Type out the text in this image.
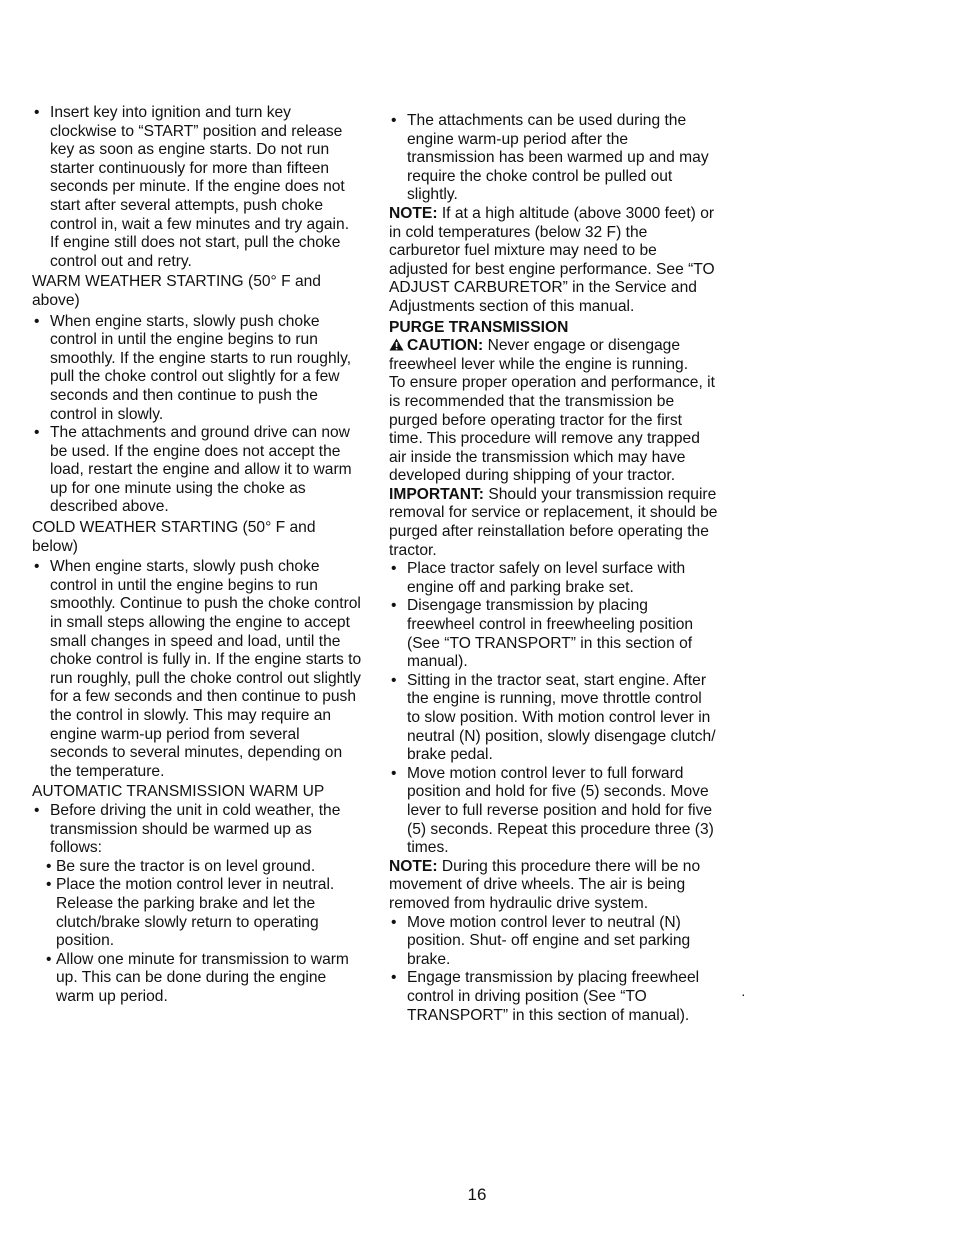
• Insert key into ignition and turn key clockwise to “START” position and release key as soon as engine starts. Do not run starter continuously for more than fifteen seconds per minute. If the engine does not start after several attempts, push choke control in, wait a few minutes and try again. If engine still does not start, pull the choke control out and retry.

WARM WEATHER STARTING (50° F and above)

• When engine starts, slowly push choke control in until the engine begins to run smoothly. If the engine starts to run roughly, pull the choke control out slightly for a few seconds and then continue to push the control in slowly.

• The attachments and ground drive can now be used. If the engine does not accept the load, restart the engine and allow it to warm up for one minute using the choke as described above.

COLD WEATHER STARTING (50° F and below)

• When engine starts, slowly push choke control in until the engine begins to run smoothly. Continue to push the choke control in small steps allowing the engine to accept small changes in speed and load, until the choke control is fully in. If the engine starts to run roughly, pull the choke control out slightly for a few seconds and then continue to push the control in slowly. This may require an engine warm-up period from several seconds to several minutes, depending on the temperature.

AUTOMATIC TRANSMISSION WARM UP

• Before driving the unit in cold weather, the transmission should be warmed up as follows:

• Be sure the tractor is on level ground.

• Place the motion control lever in neutral. Release the parking brake and let the clutch/brake slowly return to operating position.

• Allow one minute for transmission to warm up. This can be done during the engine warm up period.

• The attachments can be used during the engine warm-up period after the transmission has been warmed up and may require the choke control be pulled out slightly.

NOTE: If at a high altitude (above 3000 feet) or in cold temperatures (below 32 F) the carburetor fuel mixture may need to be adjusted for best engine performance. See “TO ADJUST CARBURETOR” in the Service and Adjustments section of this manual.

PURGE TRANSMISSION

CAUTION: Never engage or disengage freewheel lever while the engine is running.

To ensure proper operation and performance, it is recommended that the transmission be purged before operating tractor for the first time. This procedure will remove any trapped air inside the transmission which may have developed during shipping of your tractor.

IMPORTANT: Should your transmission require removal for service or replacement, it should be purged after reinstallation before operating the tractor.

• Place tractor safely on level surface with engine off and parking brake set.

• Disengage transmission by placing freewheel control in freewheeling position (See “TO TRANSPORT” in this section of manual).

• Sitting in the tractor seat, start engine. After the engine is running, move throttle control to slow position. With motion control lever in neutral (N) position, slowly disengage clutch/ brake pedal.

• Move motion control lever to full forward position and hold for five (5) seconds. Move lever to full reverse position and hold for five (5) seconds. Repeat this procedure three (3) times.

NOTE: During this procedure there will be no movement of drive wheels. The air is being removed from hydraulic drive system.

• Move motion control lever to neutral (N) position. Shut- off engine and set parking brake.

• Engage transmission by placing freewheel control in driving position (See “TO TRANSPORT” in this section of manual).

·
16
